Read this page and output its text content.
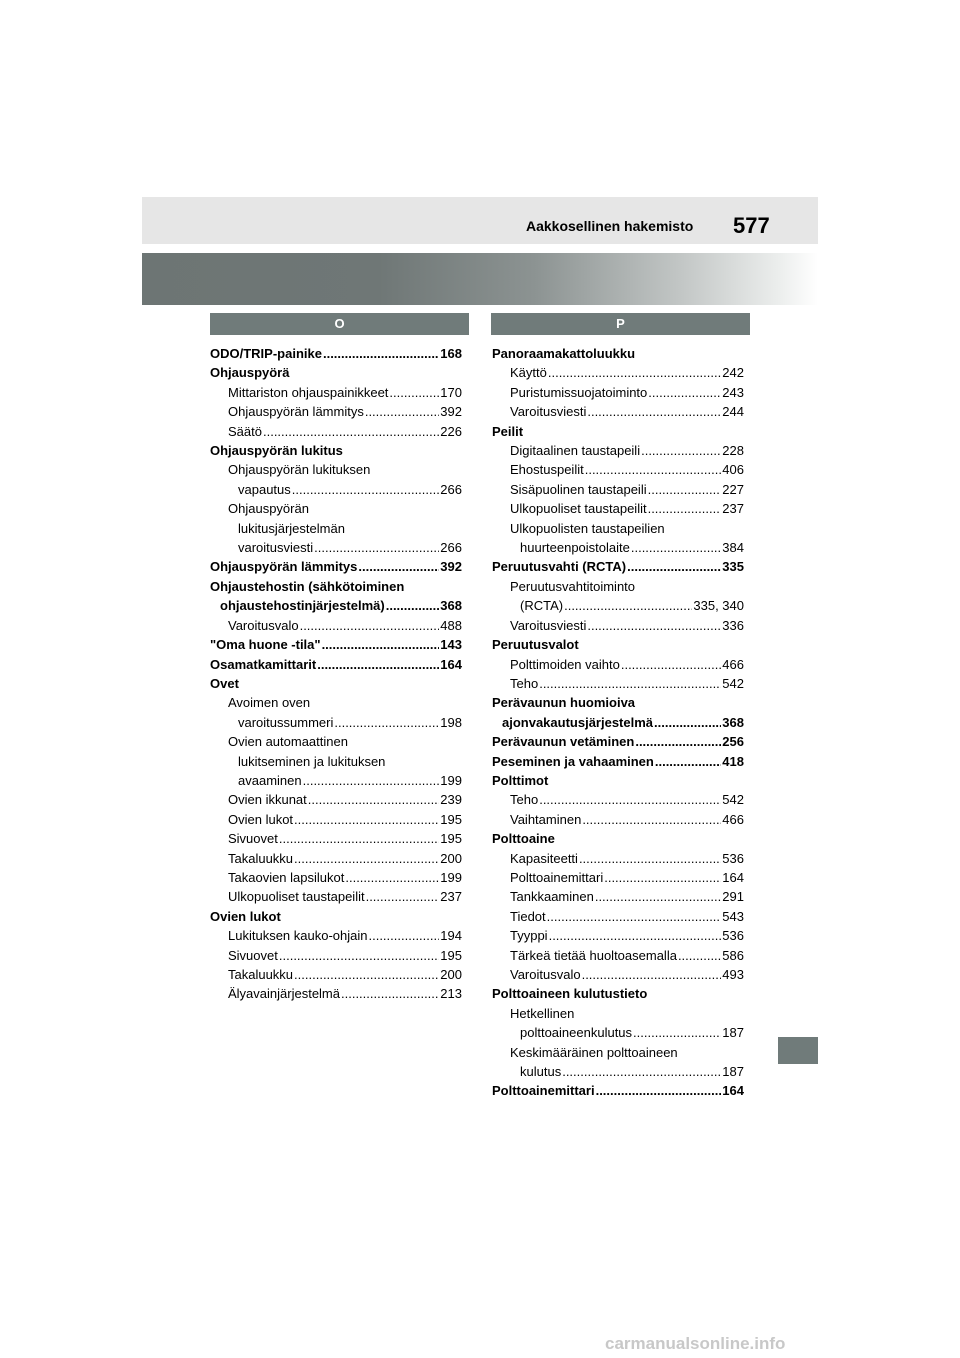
Aakkosellinen hakemisto 577
O	P
ODO/TRIP-painike .....	168
Ohjauspyörä
Mittariston ohjauspainikkeet .....	170
Ohjauspyörän lämmitys .....	392
Säätö .....	226
Ohjauspyörän lukitus
Ohjauspyörän lukituksen
vapautus .....	266
Ohjauspyörän
lukitusjärjestelmän
varoitusviesti .....	266
Ohjauspyörän lämmitys .....	392
Ohjaustehostin (sähkötoiminen
ohjaustehostinjärjestelmä) .....	368
Varoitusvalo .....	488
"Oma huone -tila" .....	143
Osamatkamittarit .....	164
Ovet
Avoimen oven
varoitussummeri .....	198
Ovien automaattinen
lukitseminen ja lukituksen
avaaminen .....	199
Ovien ikkunat .....	239
Ovien lukot .....	195
Sivuovet .....	195
Takaluukku .....	200
Takaovien lapsilukot .....	199
Ulkopuoliset taustapeilit .....	237
Ovien lukot
Lukituksen kauko-ohjain .....	194
Sivuovet .....	195
Takaluukku .....	200
Älyavainjärjestelmä .....	213
Panoraamakattoluukku
Käyttö .....	242
Puristumissuojatoiminto .....	243
Varoitusviesti .....	244
Peilit
Digitaalinen taustapeili .....	228
Ehostuspeilit .....	406
Sisäpuolinen taustapeili .....	227
Ulkopuoliset taustapeilit .....	237
Ulkopuolisten taustapeilien
huurteenpoistolaite .....	384
Peruutusvahti (RCTA) .....	335
Peruutusvahtitoiminto
(RCTA) .....	335, 340
Varoitusviesti .....	336
Peruutusvalot
Polttimoiden vaihto .....	466
Teho .....	542
Perävaunun huomioiva
ajonvakautusjärjestelmä .....	368
Perävaunun vetäminen .....	256
Peseminen ja vahaaminen .....	418
Polttimot
Teho .....	542
Vaihtaminen .....	466
Polttoaine
Kapasiteetti .....	536
Polttoainemittari .....	164
Tankkaaminen .....	291
Tiedot .....	543
Tyyppi .....	536
Tärkeä tietää huoltoasemalla .....	586
Varoitusvalo .....	493
Polttoaineen kulutustieto
Hetkellinen
polttoaineenkulutus .....	187
Keskimääräinen polttoaineen
kulutus .....	187
Polttoainemittari .....	164
carmanualsonline.info
